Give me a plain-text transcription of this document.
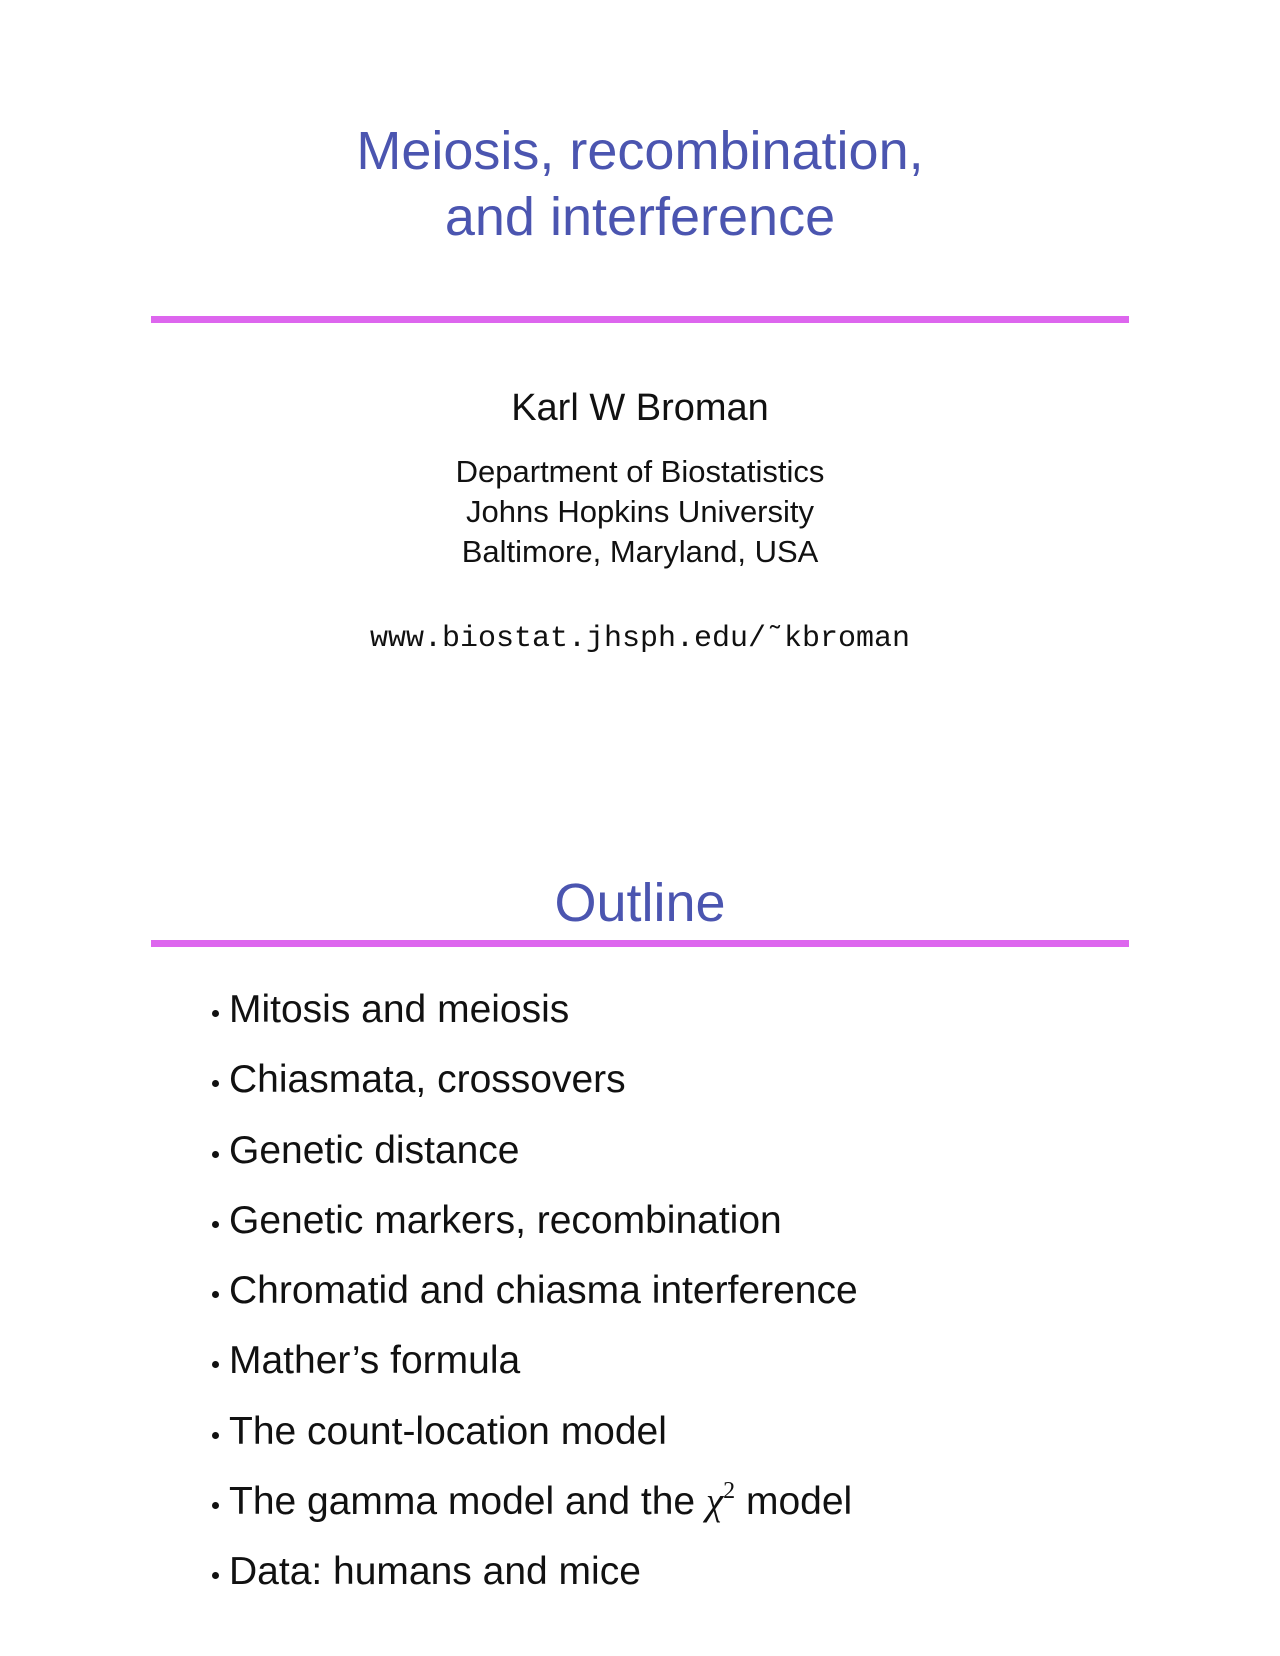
Meiosis, recombination,
and interference
Karl W Broman
Department of Biostatistics
Johns Hopkins University
Baltimore, Maryland, USA
www.biostat.jhsph.edu/˜kbroman
Outline
Mitosis and meiosis
Chiasmata, crossovers
Genetic distance
Genetic markers, recombination
Chromatid and chiasma interference
Mather’s formula
The count-location model
The gamma model and the $\chi^2$ model
Data: humans and mice
